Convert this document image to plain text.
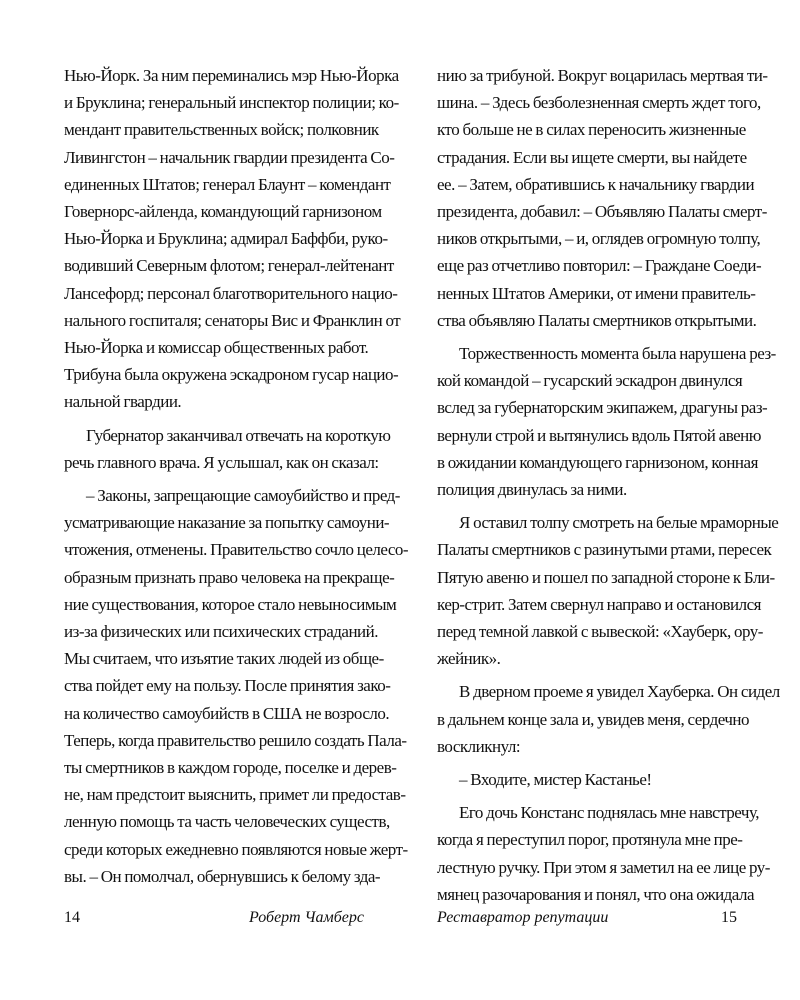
Нью-Йорк. За ним переминались мэр Нью-Йорка
и Бруклина; генеральный инспектор полиции; ко-
мендант правительственных войск; полковник
Ливингстон – начальник гвардии президента Со-
единенных Штатов; генерал Блаунт – комендант
Говернорс-айленда, командующий гарнизоном
Нью-Йорка и Бруклина; адмирал Баффби, руко-
водивший Северным флотом; генерал-лейтенант
Лансефорд; персонал благотворительного нацио-
нального госпиталя; сенаторы Вис и Франклин от
Нью-Йорка и комиссар общественных работ.
Трибуна была окружена эскадроном гусар нацио-
нальной гвардии.
Губернатор заканчивал отвечать на короткую
речь главного врача. Я услышал, как он сказал:
– Законы, запрещающие самоубийство и пред-
усматривающие наказание за попытку самоуни-
чтожения, отменены. Правительство сочло целесо-
образным признать право человека на прекраще-
ние существования, которое стало невыносимым
из-за физических или психических страданий.
Мы считаем, что изъятие таких людей из обще-
ства пойдет ему на пользу. После принятия зако-
на количество самоубийств в США не возросло.
Теперь, когда правительство решило создать Пала-
ты смертников в каждом городе, поселке и дерев-
не, нам предстоит выяснить, примет ли предостав-
ленную помощь та часть человеческих существ,
среди которых ежедневно появляются новые жерт-
вы. – Он помолчал, обернувшись к белому зда-
нию за трибуной. Вокруг воцарилась мертвая ти-
шина. – Здесь безболезненная смерть ждет того,
кто больше не в силах переносить жизненные
страдания. Если вы ищете смерти, вы найдете
ее. – Затем, обратившись к начальнику гвардии
президента, добавил: – Объявляю Палаты смерт-
ников открытыми, – и, оглядев огромную толпу,
еще раз отчетливо повторил: – Граждане Соеди-
ненных Штатов Америки, от имени правитель-
ства объявляю Палаты смертников открытыми.
Торжественность момента была нарушена рез-
кой командой – гусарский эскадрон двинулся
вслед за губернаторским экипажем, драгуны раз-
вернули строй и вытянулись вдоль Пятой авеню
в ожидании командующего гарнизоном, конная
полиция двинулась за ними.
Я оставил толпу смотреть на белые мраморные
Палаты смертников с разинутыми ртами, пересек
Пятую авеню и пошел по западной стороне к Бли-
кер-стрит. Затем свернул направо и остановился
перед темной лавкой с вывеской: «Хауберк, ору-
жейник».
В дверном проеме я увидел Хауберка. Он сидел
в дальнем конце зала и, увидев меня, сердечно
воскликнул:
– Входите, мистер Кастанье!
Его дочь Констанс поднялась мне навстречу,
когда я переступил порог, протянула мне пре-
лестную ручку. При этом я заметил на ее лице ру-
мянец разочарования и понял, что она ожидала
14	Роберт Чамберс	Реставратор репутации	15
